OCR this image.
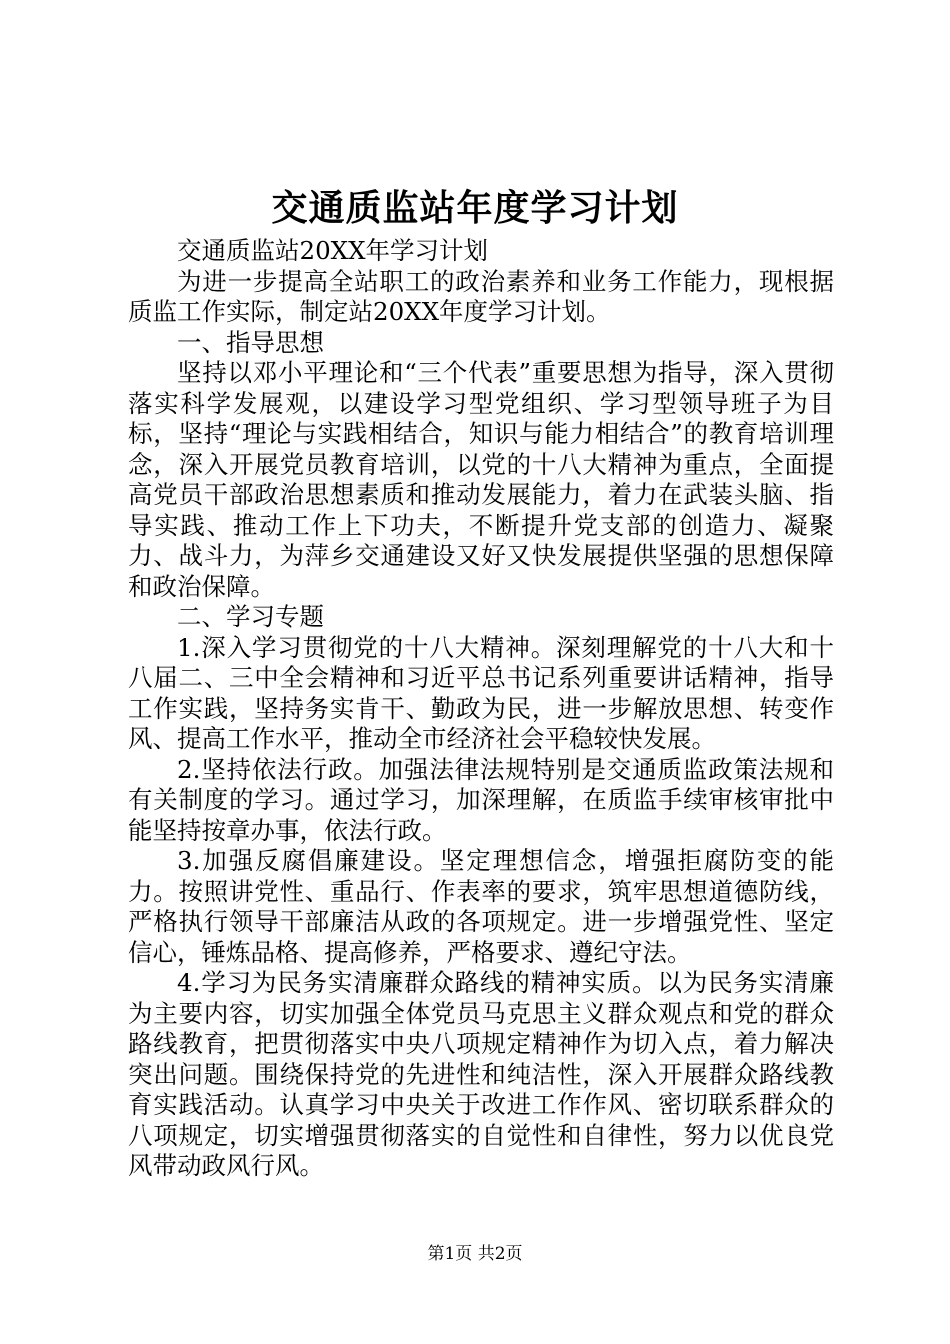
交通质监站年度学习计划

交通质监站20XX年学习计划

为进一步提高全站职工的政治素养和业务工作能力，现根据质监工作实际，制定站20XX年度学习计划。

一、指导思想

坚持以邓小平理论和“三个代表”重要思想为指导，深入贯彻落实科学发展观，以建设学习型党组织、学习型领导班子为目标，坚持“理论与实践相结合，知识与能力相结合”的教育培训理念，深入开展党员教育培训，以党的十八大精神为重点，全面提高党员干部政治思想素质和推动发展能力，着力在武装头脑、指导实践、推动工作上下功夫，不断提升党支部的创造力、凝聚力、战斗力，为萍乡交通建设又好又快发展提供坚强的思想保障和政治保障。

二、学习专题

1.深入学习贯彻党的十八大精神。深刻理解党的十八大和十八届二、三中全会精神和习近平总书记系列重要讲话精神，指导工作实践，坚持务实肯干、勤政为民，进一步解放思想、转变作风、提高工作水平，推动全市经济社会平稳较快发展。

2.坚持依法行政。加强法律法规特别是交通质监政策法规和有关制度的学习。通过学习，加深理解，在质监手续审核审批中能坚持按章办事，依法行政。

3.加强反腐倡廉建设。坚定理想信念，增强拒腐防变的能力。按照讲党性、重品行、作表率的要求，筑牢思想道德防线，严格执行领导干部廉洁从政的各项规定。进一步增强党性、坚定信心，锤炼品格、提高修养，严格要求、遵纪守法。

4.学习为民务实清廉群众路线的精神实质。以为民务实清廉为主要内容，切实加强全体党员马克思主义群众观点和党的群众路线教育，把贯彻落实中央八项规定精神作为切入点，着力解决突出问题。围绕保持党的先进性和纯洁性，深入开展群众路线教育实践活动。认真学习中央关于改进工作作风、密切联系群众的八项规定，切实增强贯彻落实的自觉性和自律性，努力以优良党风带动政风行风。

第1页 共2页
